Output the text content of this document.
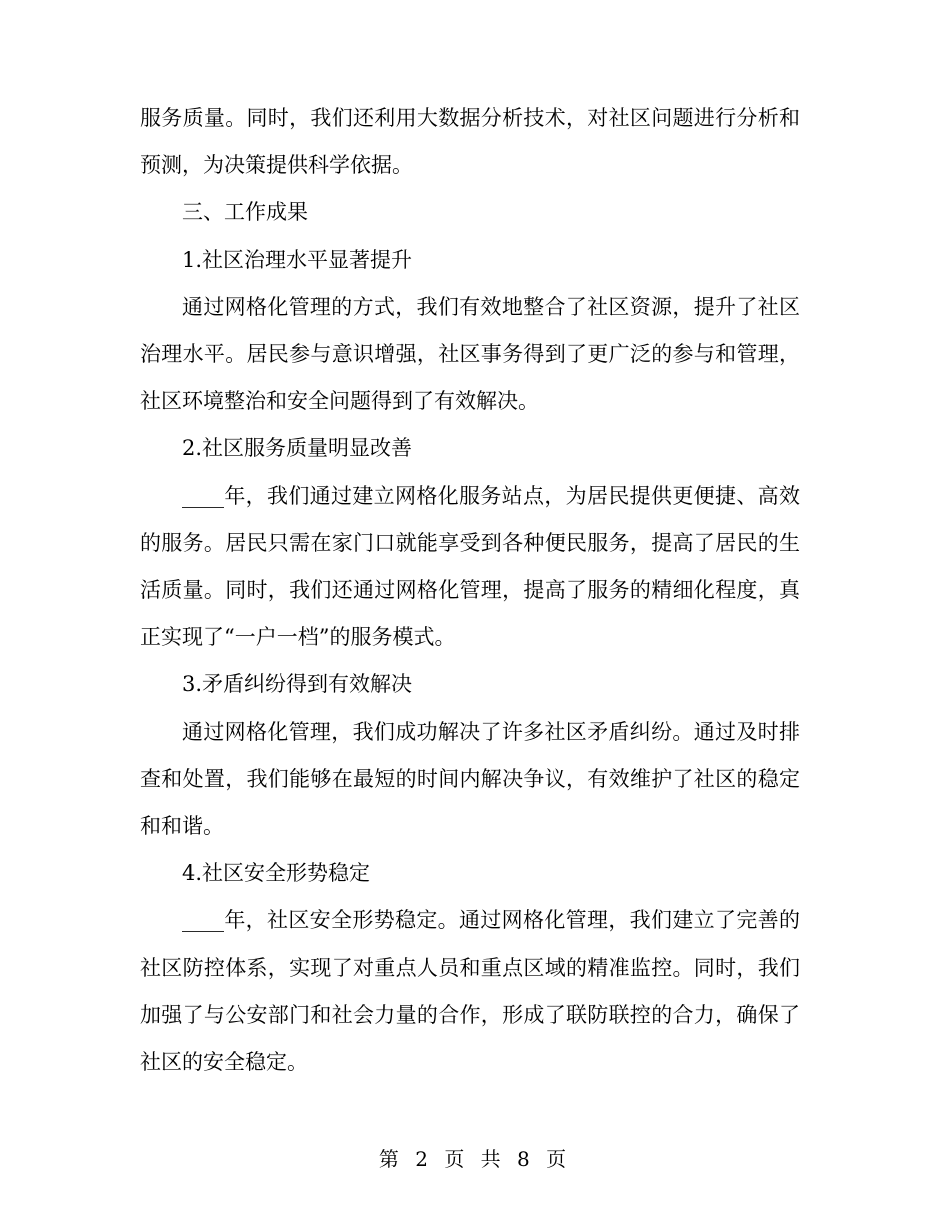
服务质量。同时，我们还利用大数据分析技术，对社区问题进行分析和预测，为决策提供科学依据。

三、工作成果

1.社区治理水平显著提升

通过网格化管理的方式，我们有效地整合了社区资源，提升了社区治理水平。居民参与意识增强，社区事务得到了更广泛的参与和管理，社区环境整治和安全问题得到了有效解决。

2.社区服务质量明显改善

____年，我们通过建立网格化服务站点，为居民提供更便捷、高效的服务。居民只需在家门口就能享受到各种便民服务，提高了居民的生活质量。同时，我们还通过网格化管理，提高了服务的精细化程度，真正实现了“一户一档”的服务模式。

3.矛盾纠纷得到有效解决

通过网格化管理，我们成功解决了许多社区矛盾纠纷。通过及时排查和处置，我们能够在最短的时间内解决争议，有效维护了社区的稳定和和谐。

4.社区安全形势稳定

____年，社区安全形势稳定。通过网格化管理，我们建立了完善的社区防控体系，实现了对重点人员和重点区域的精准监控。同时，我们加强了与公安部门和社会力量的合作，形成了联防联控的合力，确保了社区的安全稳定。

第 2 页 共 8 页
